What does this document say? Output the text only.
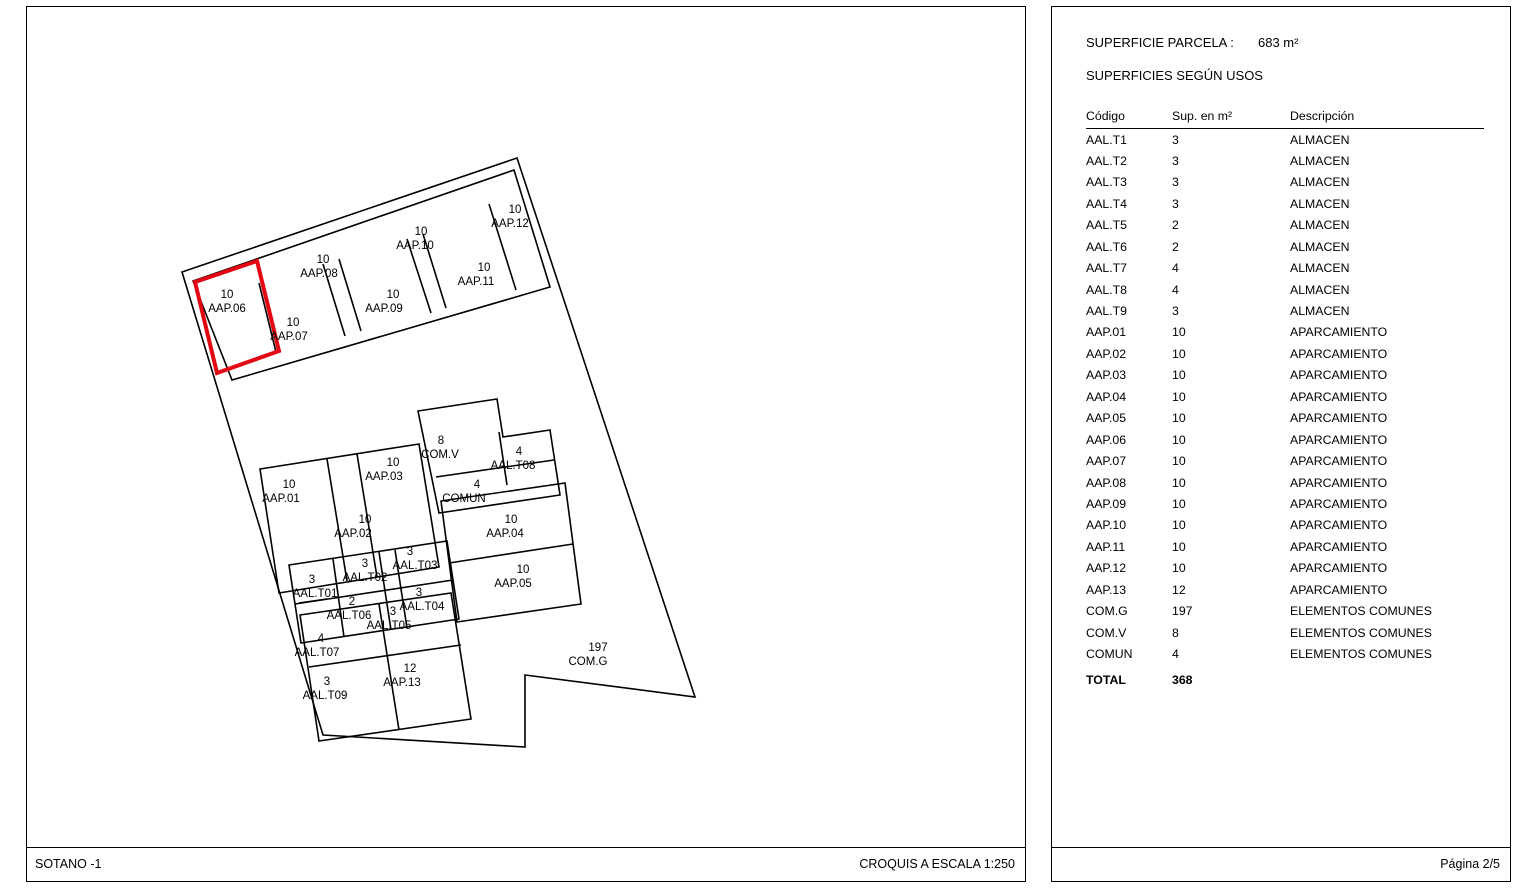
10
AAP.06
10
AAP.07
10
AAP.08
10
AAP.09
10
AAP.10
10
AAP.11
10
AAP.12
10
AAP.01
10
AAP.02
10
AAP.03
8
COM.V	4
AAL.T08
4
COMUN
10
AAP.04
10
AAP.05
3
AAL.T01
3
AAL.T02
3
AAL.T03
3
AAL.T04
2
AAL.T06 3
AAL.T05
4
AAL.T07
3
AAL.T09
12
AAP.13
197
COM.G
SOTANO -1	CROQUIS A ESCALA 1:250
SUPERFICIE PARCELA :	683 m²
SUPERFICIES SEGÚN USOS
Código	Sup. en m²	Descripción
AAL.T1	3	ALMACEN
AAL.T2	3	ALMACEN
AAL.T3	3	ALMACEN
AAL.T4	3	ALMACEN
AAL.T5	2	ALMACEN
AAL.T6	2	ALMACEN
AAL.T7	4	ALMACEN
AAL.T8	4	ALMACEN
AAL.T9	3	ALMACEN
AAP.01	10	APARCAMIENTO
AAP.02	10	APARCAMIENTO
AAP.03	10	APARCAMIENTO
AAP.04	10	APARCAMIENTO
AAP.05	10	APARCAMIENTO
AAP.06	10	APARCAMIENTO
AAP.07	10	APARCAMIENTO
AAP.08	10	APARCAMIENTO
AAP.09	10	APARCAMIENTO
AAP.10	10	APARCAMIENTO
AAP.11	10	APARCAMIENTO
AAP.12	10	APARCAMIENTO
AAP.13	12	APARCAMIENTO
COM.G	197	ELEMENTOS COMUNES
COM.V	8	ELEMENTOS COMUNES
COMUN	4	ELEMENTOS COMUNES
TOTAL	368	
Página 2/5
